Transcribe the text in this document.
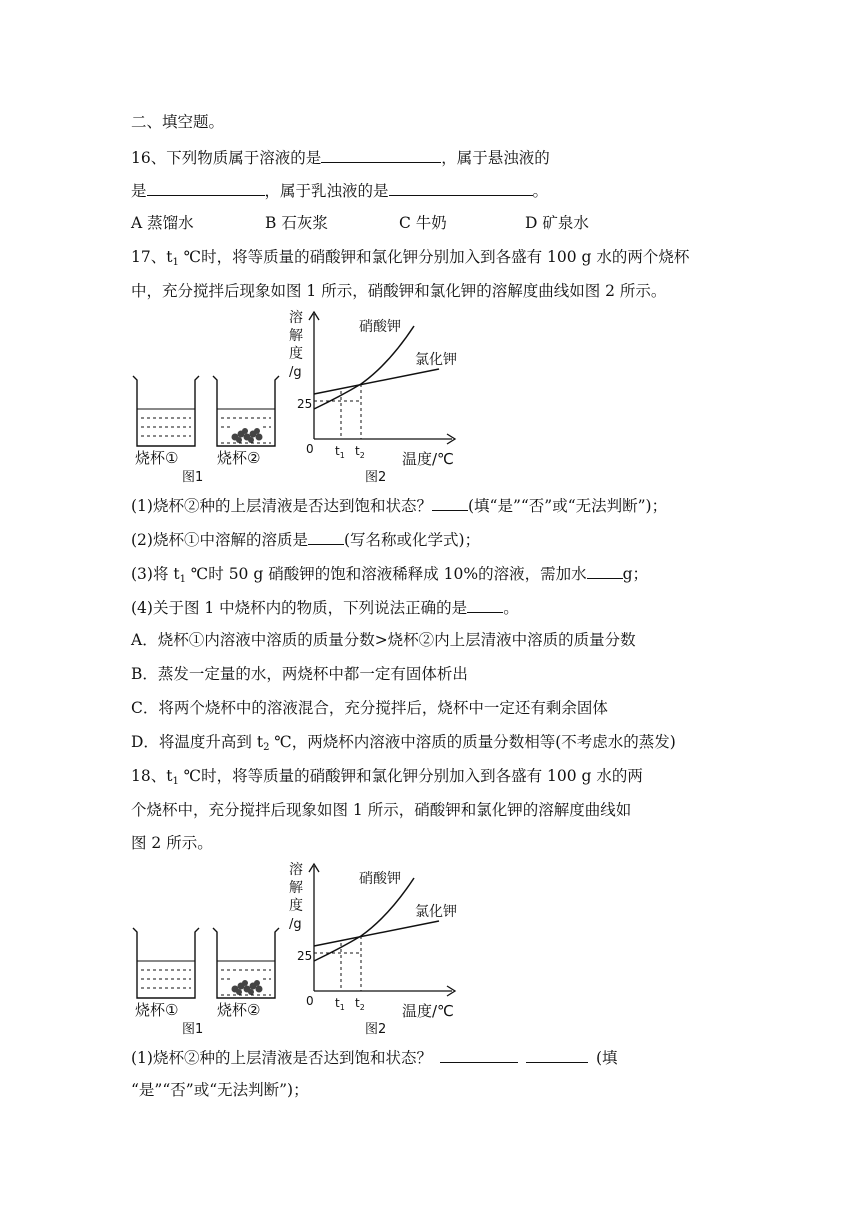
二、填空题。
16、下列物质属于溶液的是	，属于悬浊液的
是	，属于乳浊液的是	。
A 蒸馏水	B 石灰浆	C 牛奶	D 矿泉水
17、$t_1$ ℃时，将等质量的硝酸钾和氯化钾分别加入到各盛有 100 g 水的两个烧杯
中，充分搅拌后现象如图 1 所示，硝酸钾和氯化钾的溶解度曲线如图 2 所示。
烧杯①	烧杯②
图1
溶
解
度
/g
25
0 $t_1$ $t_2$
硝酸钾
氯化钾
温度/℃
图2
(1)烧杯②种的上层清液是否达到饱和状态？ (填“是”“否”或“无法判断”)；
(2)烧杯①中溶解的溶质是 (写名称或化学式)；
(3)将 $t_1$ ℃时 50 g 硝酸钾的饱和溶液稀释成 10%的溶液，需加水 g；
(4)关于图 1 中烧杯内的物质，下列说法正确的是 。
A．烧杯①内溶液中溶质的质量分数>烧杯②内上层清液中溶质的质量分数
B．蒸发一定量的水，两烧杯中都一定有固体析出
C．将两个烧杯中的溶液混合，充分搅拌后，烧杯中一定还有剩余固体
D．将温度升高到 $t_2$ ℃，两烧杯内溶液中溶质的质量分数相等(不考虑水的蒸发)
18、$t_1$ ℃时，将等质量的硝酸钾和氯化钾分别加入到各盛有 100 g 水的两
个烧杯中，充分搅拌后现象如图 1 所示，硝酸钾和氯化钾的溶解度曲线如
图 2 所示。
烧杯①	烧杯②
图1
溶
解
度
/g
25
0 $t_1$ $t_2$
硝酸钾
氯化钾
温度/℃
图2
(1)烧杯②种的上层清液是否达到饱和状态？	(填
“是”“否”或“无法判断”)；
